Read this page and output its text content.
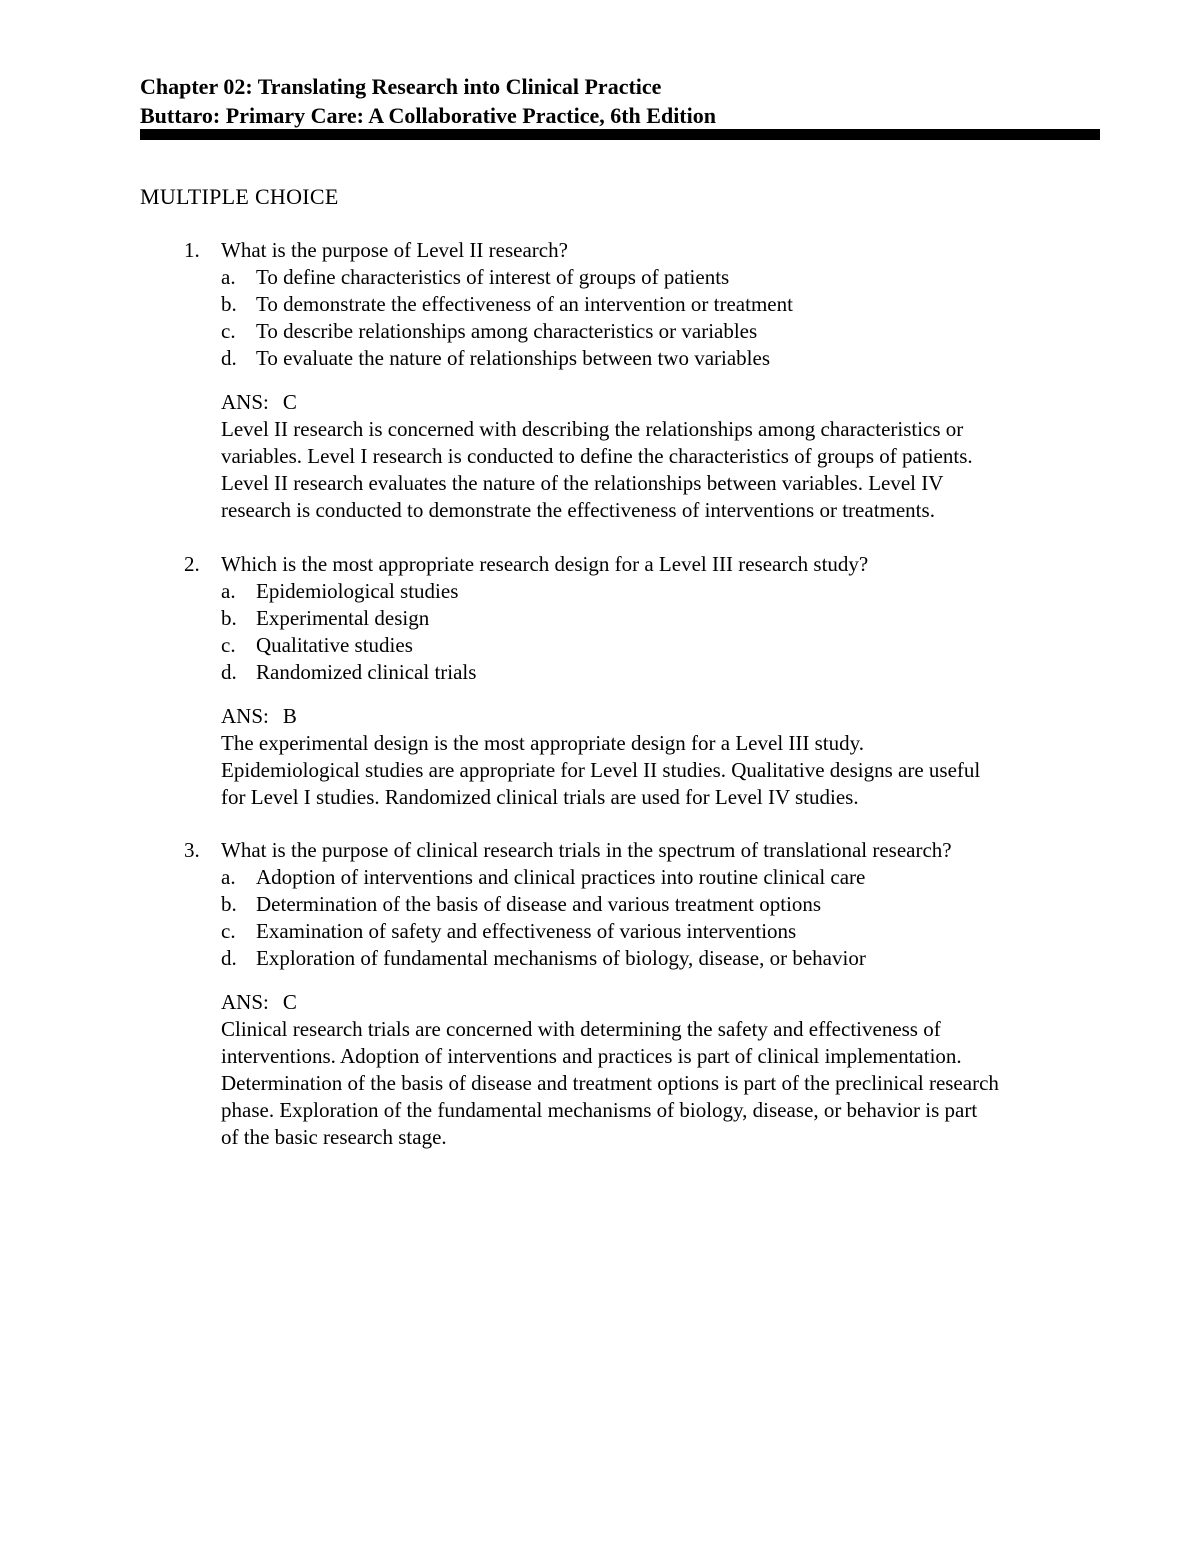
Chapter 02: Translating Research into Clinical Practice
Buttaro: Primary Care: A Collaborative Practice, 6th Edition
MULTIPLE CHOICE
1. What is the purpose of Level II research?
a. To define characteristics of interest of groups of patients
b. To demonstrate the effectiveness of an intervention or treatment
c. To describe relationships among characteristics or variables
d. To evaluate the nature of relationships between two variables
ANS: C
Level II research is concerned with describing the relationships among characteristics or
variables. Level I research is conducted to define the characteristics of groups of patients.
Level II research evaluates the nature of the relationships between variables. Level IV
research is conducted to demonstrate the effectiveness of interventions or treatments.
2. Which is the most appropriate research design for a Level III research study?
a. Epidemiological studies
b. Experimental design
c. Qualitative studies
d. Randomized clinical trials
ANS: B
The experimental design is the most appropriate design for a Level III study.
Epidemiological studies are appropriate for Level II studies. Qualitative designs are useful
for Level I studies. Randomized clinical trials are used for Level IV studies.
3. What is the purpose of clinical research trials in the spectrum of translational research?
a. Adoption of interventions and clinical practices into routine clinical care
b. Determination of the basis of disease and various treatment options
c. Examination of safety and effectiveness of various interventions
d. Exploration of fundamental mechanisms of biology, disease, or behavior
ANS: C
Clinical research trials are concerned with determining the safety and effectiveness of
interventions. Adoption of interventions and practices is part of clinical implementation.
Determination of the basis of disease and treatment options is part of the preclinical research
phase. Exploration of the fundamental mechanisms of biology, disease, or behavior is part
of the basic research stage.
